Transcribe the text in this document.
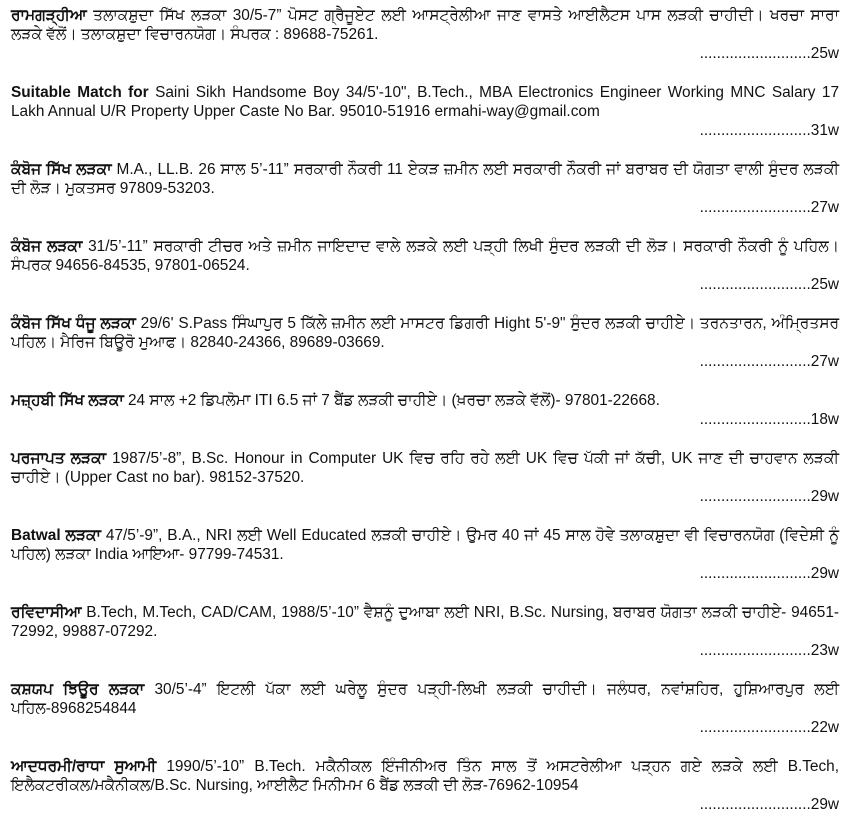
ਰਾਮਗੜ੍ਹੀਆ ਤਲਾਕਸ਼ੁਦਾ ਸਿੱਖ ਲੜਕਾ 30/5-7” ਪੋਸਟ ਗ੍ਰੈਜੂਏਟ ਲਈ ਆਸਟ੍ਰੇਲੀਆ ਜਾਣ ਵਾਸਤੇ ਆਈਲੈਟਸ ਪਾਸ ਲੜਕੀ ਚਾਹੀਦੀ। ਖਰਚਾ ਸਾਰਾ ਲੜਕੇ ਵੱਲੋਂ। ਤਲਾਕਸ਼ੁਦਾ ਵਿਚਾਰਨਯੋਗ। ਸੰਪਰਕ : 89688-75261.
..........................25w
Suitable Match for Saini Sikh Handsome Boy 34/5'-10", B.Tech., MBA Electronics Engineer Working MNC Salary 17 Lakh Annual U/R Property Upper Caste No Bar. 95010-51916 ermahi-way@gmail.com
..........................31w
ਕੰਬੋਜ ਸਿੱਖ ਲੜਕਾ M.A., LL.B. 26 ਸਾਲ 5’-11” ਸਰਕਾਰੀ ਨੌਕਰੀ 11 ਏਕੜ ਜ਼ਮੀਨ ਲਈ ਸਰਕਾਰੀ ਨੌਕਰੀ ਜਾਂ ਬਰਾਬਰ ਦੀ ਯੋਗਤਾ ਵਾਲੀ ਸੁੰਦਰ ਲੜਕੀ ਦੀ ਲੋੜ। ਮੁਕਤਸਰ 97809-53203.
..........................27w
ਕੰਬੋਜ ਲੜਕਾ 31/5’-11” ਸਰਕਾਰੀ ਟੀਚਰ ਅਤੇ ਜ਼ਮੀਨ ਜਾਇਦਾਦ ਵਾਲੇ ਲੜਕੇ ਲਈ ਪੜ੍ਹੀ ਲਿਖੀ ਸੁੰਦਰ ਲੜਕੀ ਦੀ ਲੋੜ। ਸਰਕਾਰੀ ਨੌਕਰੀ ਨੂੰ ਪਹਿਲ। ਸੰਪਰਕ 94656-84535, 97801-06524.
..........................25w
ਕੰਬੋਜ ਸਿੱਖ ਧੰਜੂ ਲੜਕਾ 29/6' S.Pass ਸਿੰਘਾਪੁਰ 5 ਕਿੱਲੇ ਜ਼ਮੀਨ ਲਈ ਮਾਸਟਰ ਡਿਗਰੀ Hight 5'-9" ਸੁੰਦਰ ਲੜਕੀ ਚਾਹੀਏ। ਤਰਨਤਾਰਨ, ਅੰਮ੍ਰਿਤਸਰ ਪਹਿਲ। ਮੈਰਿਜ ਬਿਊਰੋ ਮੁਆਫ। 82840-24366, 89689-03669.
..........................27w
ਮਜ਼੍ਹਬੀ ਸਿੱਖ ਲੜਕਾ 24 ਸਾਲ +2 ਡਿਪਲੋਮਾ ITI 6.5 ਜਾਂ 7 ਬੈਂਡ ਲੜਕੀ ਚਾਹੀਏ। (ਖ਼ਰਚਾ ਲੜਕੇ ਵੱਲੋਂ)- 97801-22668.
..........................18w
ਪਰਜਾਪਤ ਲੜਕਾ 1987/5’-8”, B.Sc. Honour in Computer UK ਵਿਚ ਰਹਿ ਰਹੇ ਲਈ UK ਵਿਚ ਪੱਕੀ ਜਾਂ ਕੱਚੀ, UK ਜਾਣ ਦੀ ਚਾਹਵਾਨ ਲੜਕੀ ਚਾਹੀਏ। (Upper Cast no bar). 98152-37520.
..........................29w
Batwal ਲੜਕਾ 47/5’-9”, B.A., NRI ਲਈ Well Educated ਲੜਕੀ ਚਾਹੀਏ। ਉਮਰ 40 ਜਾਂ 45 ਸਾਲ ਹੋਵੇ ਤਲਾਕਸ਼ੁਦਾ ਵੀ ਵਿਚਾਰਨਯੋਗ (ਵਿਦੇਸ਼ੀ ਨੂੰ ਪਹਿਲ) ਲੜਕਾ India ਆਇਆ- 97799-74531.
..........................29w
ਰਵਿਦਾਸੀਆ B.Tech, M.Tech, CAD/CAM, 1988/5’-10” ਵੈਸ਼ਨੂੰ ਦੁਆਬਾ ਲਈ NRI, B.Sc. Nursing, ਬਰਾਬਰ ਯੋਗਤਾ ਲੜਕੀ ਚਾਹੀਏ- 94651-72992, 99887-07292.
..........................23w
ਕਸ਼ਯਪ ਝਿਊਰ ਲੜਕਾ 30/5’-4” ਇਟਲੀ ਪੱਕਾ ਲਈ ਘਰੇਲੂ ਸੁੰਦਰ ਪੜ੍ਹੀ-ਲਿਖੀ ਲੜਕੀ ਚਾਹੀਦੀ। ਜਲੰਧਰ, ਨਵਾਂਸ਼ਹਿਰ, ਹੁਸ਼ਿਆਰਪੁਰ ਲਈ ਪਹਿਲ-8968254844
..........................22w
ਆਦਧਰਮੀ/ਰਾਧਾ ਸੁਆਮੀ 1990/5’-10” B.Tech. ਮਕੈਨੀਕਲ ਇੰਜੀਨੀਅਰ ਤਿੰਨ ਸਾਲ ਤੋਂ ਅਸਟਰੇਲੀਆ ਪੜ੍ਹਨ ਗਏ ਲੜਕੇ ਲਈ B.Tech, ਇਲੈਕਟਰੀਕਲ/ਮਕੈਨੀਕਲ/B.Sc. Nursing, ਆਈਲੈਟ ਮਿਨੀਮਮ 6 ਬੈਂਡ ਲੜਕੀ ਦੀ ਲੋੜ-76962-10954
..........................29w
